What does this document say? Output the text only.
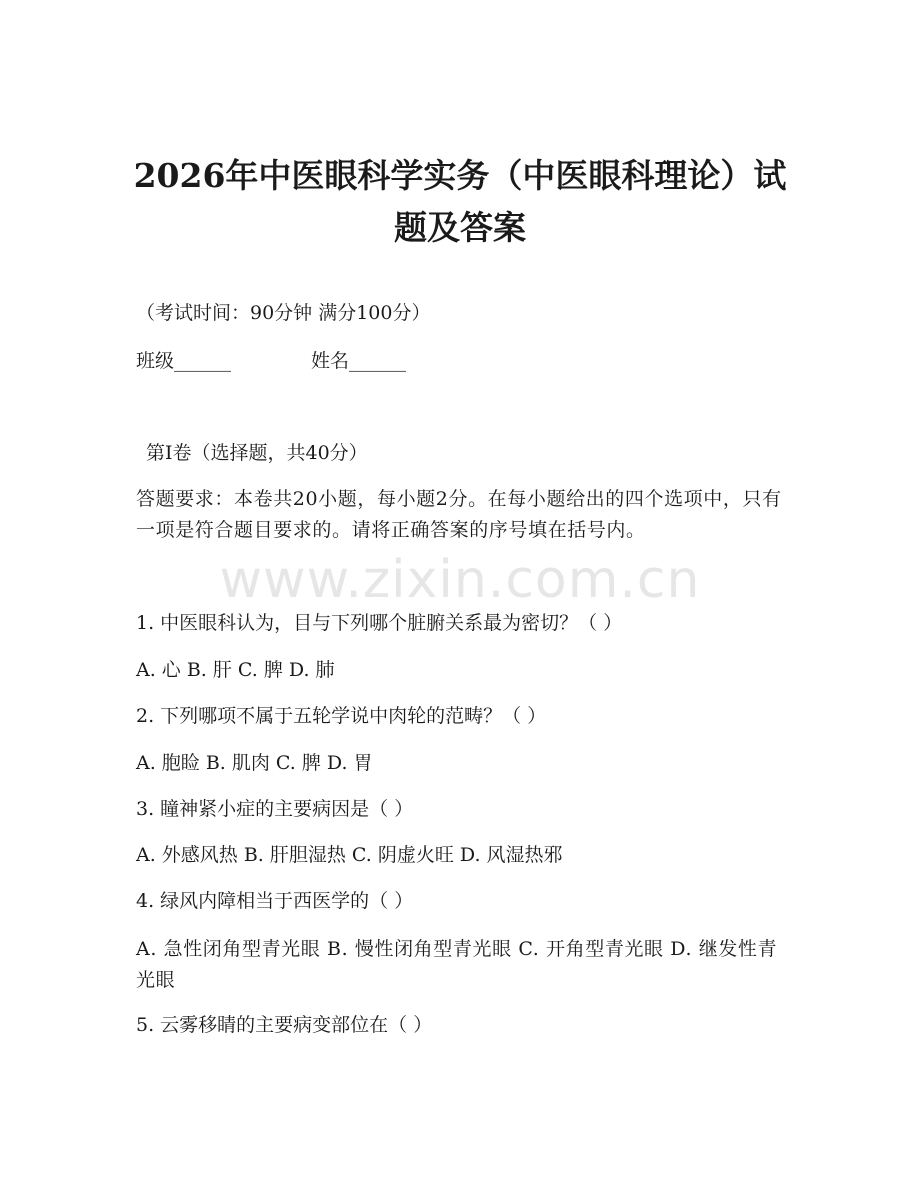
www.zixin.com.cn
2026年中医眼科学实务（中医眼科理论）试题及答案
（考试时间：90分钟 满分100分）
班级______	姓名______
第Ⅰ卷（选择题，共40分）
答题要求：本卷共20小题，每小题2分。在每小题给出的四个选项中，只有一项是符合题目要求的。请将正确答案的序号填在括号内。
1. 中医眼科认为，目与下列哪个脏腑关系最为密切？（ ）
A. 心 B. 肝 C. 脾 D. 肺
2. 下列哪项不属于五轮学说中肉轮的范畴？（ ）
A. 胞睑 B. 肌肉 C. 脾 D. 胃
3. 瞳神紧小症的主要病因是（ ）
A. 外感风热 B. 肝胆湿热 C. 阴虚火旺 D. 风湿热邪
4. 绿风内障相当于西医学的（ ）
A. 急性闭角型青光眼 B. 慢性闭角型青光眼 C. 开角型青光眼 D. 继发性青光眼
5. 云雾移睛的主要病变部位在（ ）
